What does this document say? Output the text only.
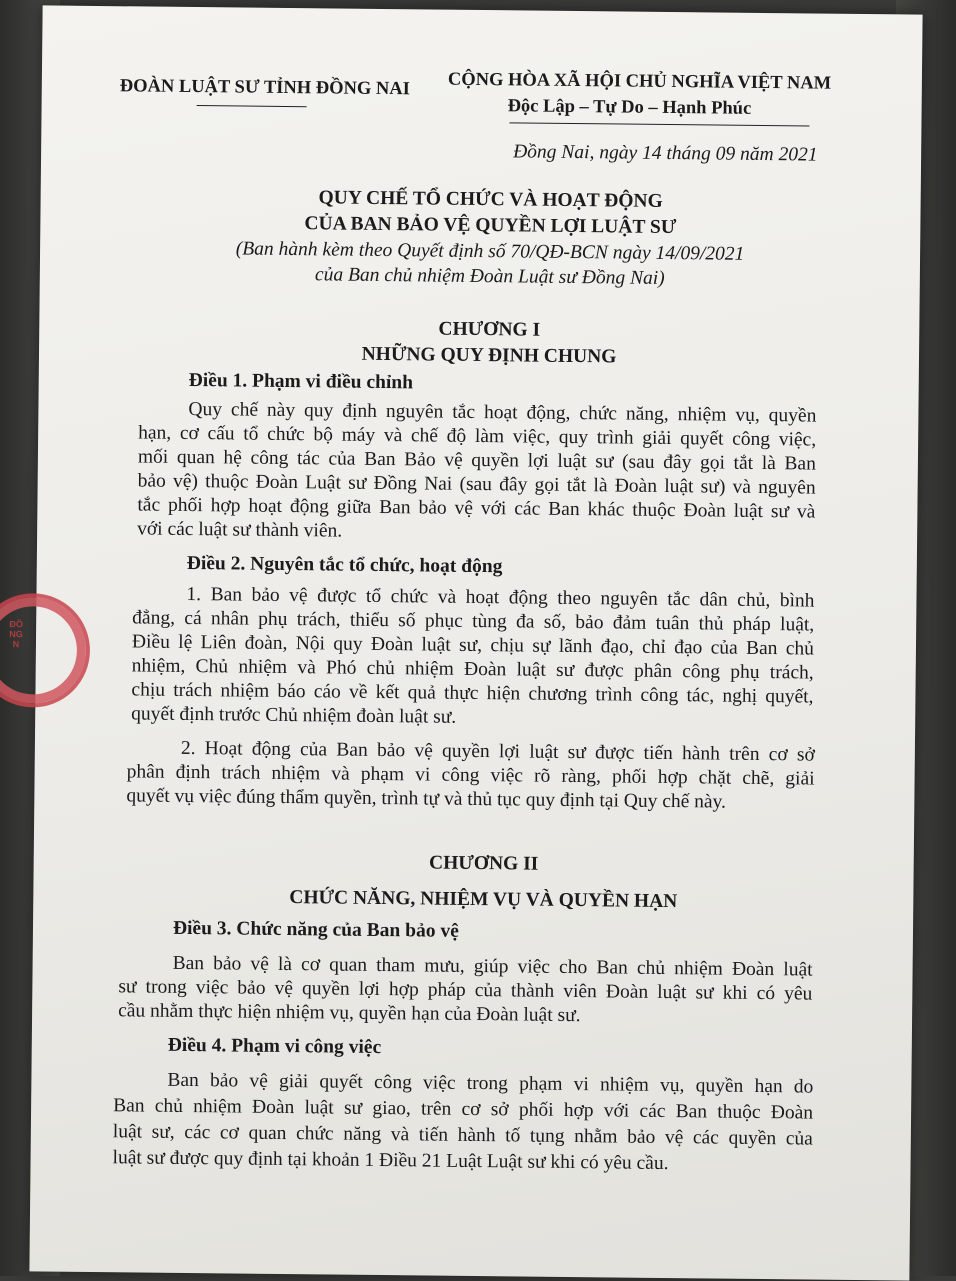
ĐOÀN LUẬT SƯ TỈNH ĐỒNG NAI CỘNG HÒA XÃ HỘI CHỦ NGHĨA VIỆT NAM
Độc Lập – Tự Do – Hạnh Phúc
Đồng Nai, ngày 14 tháng 09 năm 2021
QUY CHẾ TỔ CHỨC VÀ HOẠT ĐỘNG
CỦA BAN BẢO VỆ QUYỀN LỢI LUẬT SƯ
(Ban hành kèm theo Quyết định số 70/QĐ-BCN ngày 14/09/2021
của Ban chủ nhiệm Đoàn Luật sư Đồng Nai)
CHƯƠNG I
NHỮNG QUY ĐỊNH CHUNG
Điều 1. Phạm vi điều chỉnh
Quy chế này quy định nguyên tắc hoạt động, chức năng, nhiệm vụ, quyền
hạn, cơ cấu tổ chức bộ máy và chế độ làm việc, quy trình giải quyết công việc,
mối quan hệ công tác của Ban Bảo vệ quyền lợi luật sư (sau đây gọi tắt là Ban
bảo vệ) thuộc Đoàn Luật sư Đồng Nai (sau đây gọi tắt là Đoàn luật sư) và nguyên
tắc phối hợp hoạt động giữa Ban bảo vệ với các Ban khác thuộc Đoàn luật sư và
với các luật sư thành viên.
Điều 2. Nguyên tắc tổ chức, hoạt động
1. Ban bảo vệ được tổ chức và hoạt động theo nguyên tắc dân chủ, bình
đẳng, cá nhân phụ trách, thiểu số phục tùng đa số, bảo đảm tuân thủ pháp luật,
Điều lệ Liên đoàn, Nội quy Đoàn luật sư, chịu sự lãnh đạo, chỉ đạo của Ban chủ
nhiệm, Chủ nhiệm và Phó chủ nhiệm Đoàn luật sư được phân công phụ trách,
chịu trách nhiệm báo cáo về kết quả thực hiện chương trình công tác, nghị quyết,
quyết định trước Chủ nhiệm đoàn luật sư.
2. Hoạt động của Ban bảo vệ quyền lợi luật sư được tiến hành trên cơ sở
phân định trách nhiệm và phạm vi công việc rõ ràng, phối hợp chặt chẽ, giải
quyết vụ việc đúng thẩm quyền, trình tự và thủ tục quy định tại Quy chế này.
CHƯƠNG II
CHỨC NĂNG, NHIỆM VỤ VÀ QUYỀN HẠN
Điều 3. Chức năng của Ban bảo vệ
Ban bảo vệ là cơ quan tham mưu, giúp việc cho Ban chủ nhiệm Đoàn luật
sư trong việc bảo vệ quyền lợi hợp pháp của thành viên Đoàn luật sư khi có yêu
cầu nhằm thực hiện nhiệm vụ, quyền hạn của Đoàn luật sư.
Điều 4. Phạm vi công việc
Ban bảo vệ giải quyết công việc trong phạm vi nhiệm vụ, quyền hạn do
Ban chủ nhiệm Đoàn luật sư giao, trên cơ sở phối hợp với các Ban thuộc Đoàn
luật sư, các cơ quan chức năng và tiến hành tố tụng nhằm bảo vệ các quyền của
luật sư được quy định tại khoản 1 Điều 21 Luật Luật sư khi có yêu cầu.
ĐỒNG N
